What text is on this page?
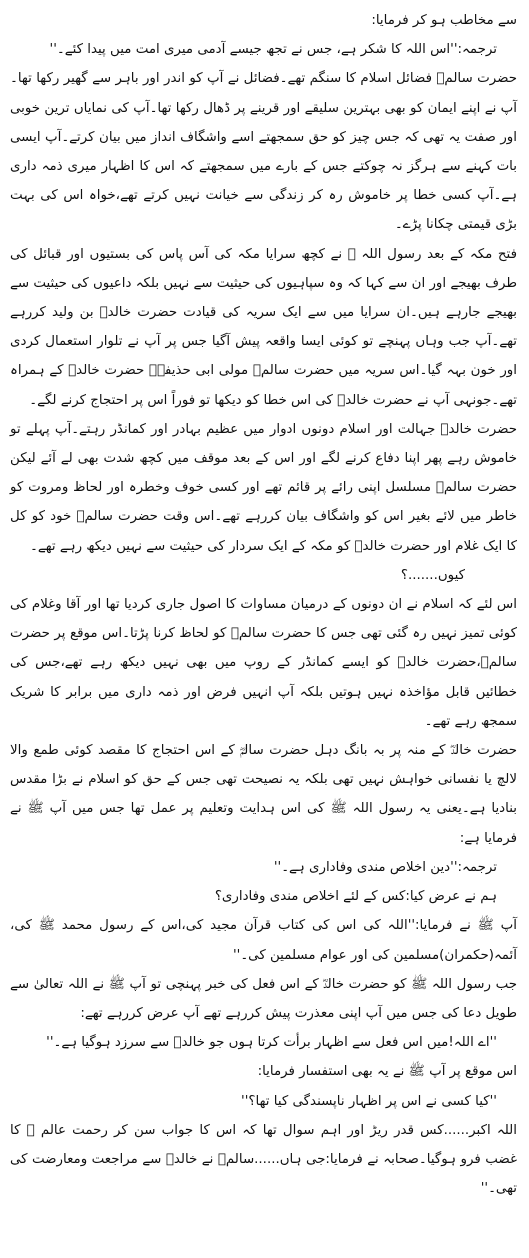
سے مخاطب ہو کر فرمایا:

ترجمہ:''اس اللہ کا شکر ہے، جس نے تجھ جیسے آدمی میری امت میں پیدا کئے۔''

حضرت سالمؓ فضائل اسلام کا سنگم تھے۔فضائل نے آپ کو اندر اور باہر سے گھیر رکھا تھا۔آپ نے اپنے ایمان کو بھی بہترین سلیقے اور قرینے پر ڈھال رکھا تھا۔آپ کی نمایاں ترین خوبی اور صفت یہ تھی کہ جس چیز کو حق سمجھتے اسے واشگاف انداز میں بیان کرتے۔آپ ایسی بات کہنے سے ہرگز نہ چوکتے جس کے بارے میں سمجھتے کہ اس کا اظہار میری ذمہ داری ہے۔آپ کسی خطا پر خاموش رہ کر زندگی سے خیانت نہیں کرتے تھے،خواہ اس کی بہت بڑی قیمتی چکانا پڑے۔

فتح مکہ کے بعد رسول اللہ ﷺ نے کچھ سرایا مکہ کی آس پاس کی بستیوں اور قبائل کی طرف بھیجے اور ان سے کہا کہ وہ سپاہیوں کی حیثیت سے نہیں بلکہ داعیوں کی حیثیت سے بھیجے جارہے ہیں۔ان سرایا میں سے ایک سریہ کی قیادت حضرت خالدؓ بن ولید کررہے تھے۔آپ جب وہاں پہنچے تو کوئی ایسا واقعہ پیش آگیا جس پر آپ نے تلوار استعمال کردی اور خون بہہ گیا۔اس سریہ میں حضرت سالمؓ مولی ابی حذیفہؓ حضرت خالدؓ کے ہمراہ تھے۔جونہی آپ نے حضرت خالدؓ کی اس خطا کو دیکھا تو فوراً اس پر احتجاج کرنے لگے۔

حضرت خالدؓ جہالت اور اسلام دونوں ادوار میں عظیم بہادر اور کمانڈر رہتے۔آپ پہلے تو خاموش رہے پھر اپنا دفاع کرنے لگے اور اس کے بعد موقف میں کچھ شدت بھی لے آئے لیکن حضرت سالمؓ مسلسل اپنی رائے پر قائم تھے اور کسی خوف وخطرہ اور لحاظ ومروت کو خاطر میں لائے بغیر اس کو واشگاف بیان کررہے تھے۔اس وقت حضرت سالمؓ خود کو کل کا ایک غلام اور حضرت خالدؓ کو مکہ کے ایک سردار کی حیثیت سے نہیں دیکھ رہے تھے۔

کیوں.......؟

اس لئے کہ اسلام نے ان دونوں کے درمیان مساوات کا اصول جاری کردیا تھا اور آقا وغلام کی کوئی تمیز نہیں رہ گئی تھی جس کا حضرت سالمؓ کو لحاظ کرنا پڑتا۔اس موقع پر حضرت سالمؓ،حضرت خالدؓ کو ایسے کمانڈر کے روپ میں بھی نہیں دیکھ رہے تھے،جس کی خطائیں قابل مؤاخذہ نہیں ہوتیں بلکہ آپ انہیں فرض اور ذمہ داری میں برابر کا شریک سمجھ رہے تھے۔

حضرت خالدؓ کے منہ پر بہ بانگ دہل حضرت سالمؓ کے اس احتجاج کا مقصد کوئی طمع والا لالچ یا نفسانی خواہش نہیں تھی بلکہ یہ نصیحت تھی جس کے حق کو اسلام نے بڑا مقدس بنادیا ہے۔یعنی یہ رسول اللہ ﷺ کی اس ہدایت وتعلیم پر عمل تھا جس میں آپ ﷺ نے فرمایا ہے:

ترجمہ:''دین اخلاص مندی وفاداری ہے۔''

ہم نے عرض کیا:کس کے لئے اخلاص مندی وفاداری؟

آپ ﷺ نے فرمایا:''اللہ کی اس کی کتاب قرآن مجید کی،اس کے رسول محمد ﷺ کی، آئمہ(حکمران)مسلمین کی اور عوام مسلمین کی۔''

جب رسول اللہ ﷺ کو حضرت خالدؓ کے اس فعل کی خبر پہنچی تو آپ ﷺ نے اللہ تعالیٰ سے طویل دعا کی جس میں آپ اپنی معذرت پیش کررہے تھے آپ عرض کررہے تھے:

''اے اللہ!میں اس فعل سے اظہار برأت کرتا ہوں جو خالدؓ سے سرزد ہوگیا ہے۔''

اس موقع پر آپ ﷺ نے یہ بھی استفسار فرمایا:

''کیا کسی نے اس پر اظہار ناپسندگی کیا تھا؟''

اللہ اکبر......کس قدر ریڑ اور اہم سوال تھا کہ اس کا جواب سن کر رحمت عالم ﷺ کا غضب فرو ہوگیا۔صحابہ نے فرمایا:جی ہاں......سالمؓ نے خالدؓ سے مراجعت ومعارضت کی تھی۔''
